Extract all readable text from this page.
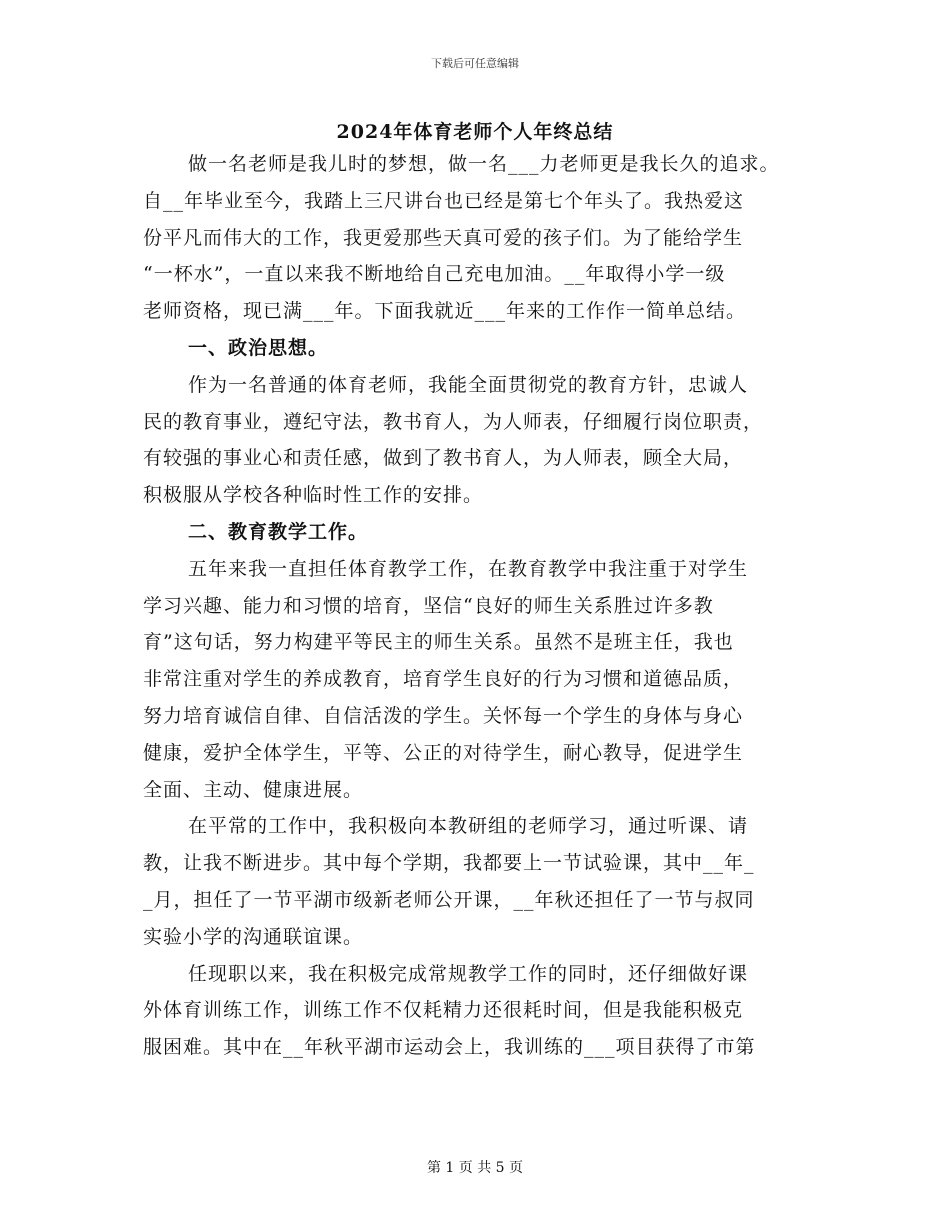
下载后可任意编辑
2024年体育老师个人年终总结
做一名老师是我儿时的梦想，做一名___力老师更是我长久的追求。
自__年毕业至今，我踏上三尺讲台也已经是第七个年头了。我热爱这
份平凡而伟大的工作，我更爱那些天真可爱的孩子们。为了能给学生
“一杯水”，一直以来我不断地给自己充电加油。__年取得小学一级
老师资格，现已满___年。下面我就近___年来的工作作一简单总结。
一、政治思想。
作为一名普通的体育老师，我能全面贯彻党的教育方针，忠诚人
民的教育事业，遵纪守法，教书育人，为人师表，仔细履行岗位职责，
有较强的事业心和责任感，做到了教书育人，为人师表，顾全大局，
积极服从学校各种临时性工作的安排。
二、教育教学工作。
五年来我一直担任体育教学工作，在教育教学中我注重于对学生
学习兴趣、能力和习惯的培育，坚信“良好的师生关系胜过许多教
育”这句话，努力构建平等民主的师生关系。虽然不是班主任，我也
非常注重对学生的养成教育，培育学生良好的行为习惯和道德品质，
努力培育诚信自律、自信活泼的学生。关怀每一个学生的身体与身心
健康，爱护全体学生，平等、公正的对待学生，耐心教导，促进学生
全面、主动、健康进展。
在平常的工作中，我积极向本教研组的老师学习，通过听课、请
教，让我不断进步。其中每个学期，我都要上一节试验课，其中__年_
_月，担任了一节平湖市级新老师公开课，__年秋还担任了一节与叔同
实验小学的沟通联谊课。
任现职以来，我在积极完成常规教学工作的同时，还仔细做好课
外体育训练工作，训练工作不仅耗精力还很耗时间，但是我能积极克
服困难。其中在__年秋平湖市运动会上，我训练的___项目获得了市第
第 1 页 共 5 页
